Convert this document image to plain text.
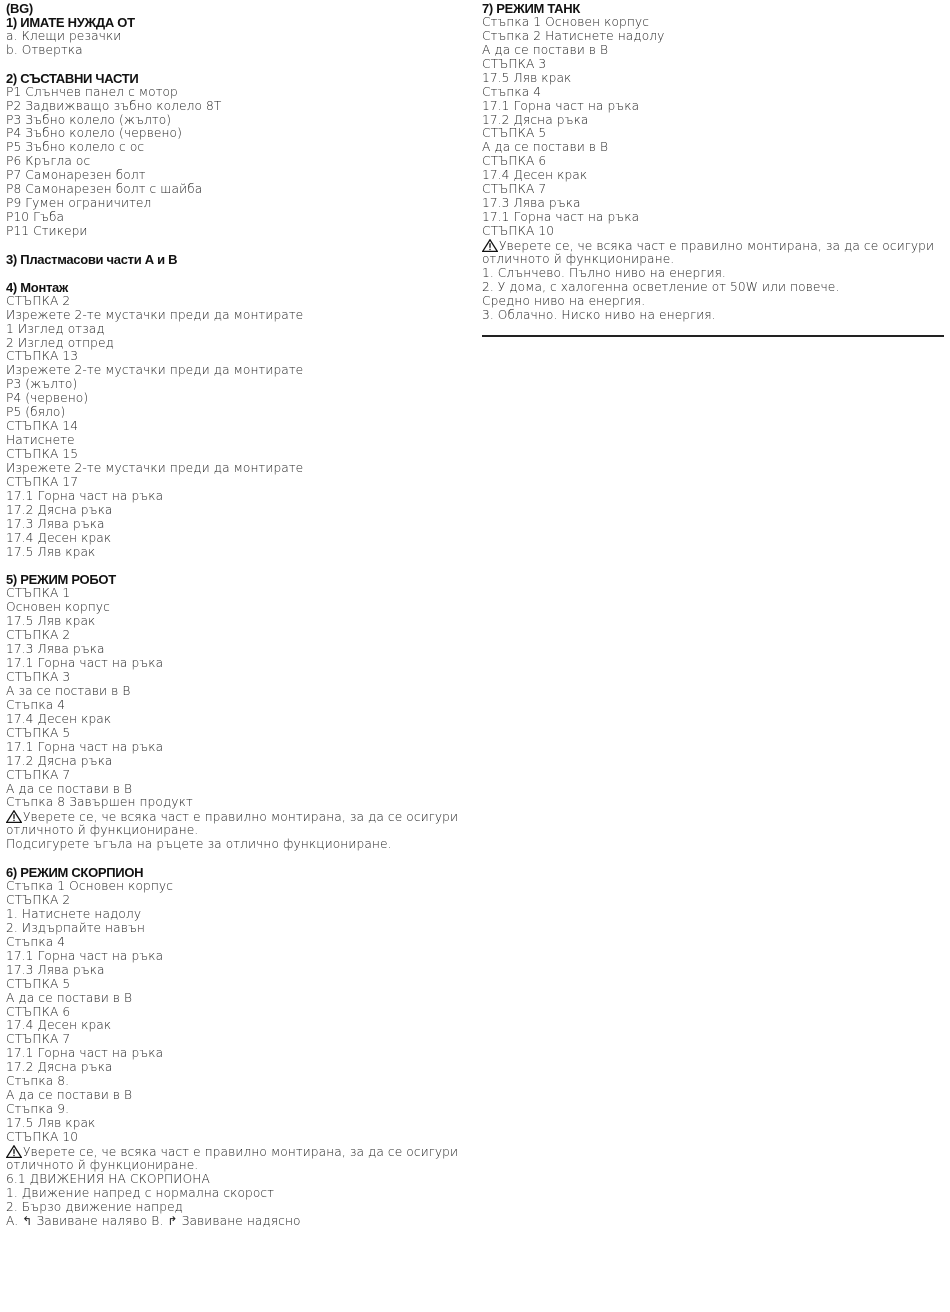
(BG)
1) ИМАТЕ НУЖДА ОТ
a. Клещи резачки
b. Отвертка
2) СЪСТАВНИ ЧАСТИ
P1 Слънчев панел с мотор
P2 Задвижващо зъбно колело 8T
P3 Зъбно колело (жълто)
P4 Зъбно колело (червено)
P5 Зъбно колело с ос
P6 Кръгла ос
P7 Самонарезен болт
P8 Самонарезен болт с шайба
P9 Гумен ограничител
P10 Гъба
P11 Стикери
3) Пластмасови части А и В
4) Монтаж
СТЪПКА 2
Изрежете 2-те мустачки преди да монтирате
1 Изглед отзад
2 Изглед отпред
СТЪПКА 13
Изрежете 2-те мустачки преди да монтирате
P3 (жълто)
P4 (червено)
P5 (бяло)
СТЪПКА 14
Натиснете
СТЪПКА 15
Изрежете 2-те мустачки преди да монтирате
СТЪПКА 17
17.1 Горна част на ръка
17.2 Дясна ръка
17.3 Лява ръка
17.4 Десен крак
17.5 Ляв крак
5) РЕЖИМ РОБОТ
СТЪПКА 1
Основен корпус
17.5 Ляв крак
СТЪПКА 2
17.3 Лява ръка
17.1 Горна част на ръка
СТЪПКА 3
A за се постави в B
Стъпка 4
17.4 Десен крак
СТЪПКА 5
17.1 Горна част на ръка
17.2 Дясна ръка
СТЪПКА 7
A да се постави в B
Стъпка 8 Завършен продукт
Уверете се, че всяка част е правилно монтирана, за да се осигури
отличното й функциониране.
Подсигурете ъгъла на ръцете за отлично функциониране.
6) РЕЖИМ СКОРПИОН
Стъпка 1 Основен корпус
СТЪПКА 2
1. Натиснете надолу
2. Издърпайте навън
Стъпка 4
17.1 Горна част на ръка
17.3 Лява ръка
СТЪПКА 5
A да се постави в B
СТЪПКА 6
17.4 Десен крак
СТЪПКА 7
17.1 Горна част на ръка
17.2 Дясна ръка
Стъпка 8.
A да се постави в B
Стъпка 9.
17.5 Ляв крак
СТЪПКА 10
Уверете се, че всяка част е правилно монтирана, за да се осигури
отличното й функциониране.
6.1 ДВИЖЕНИЯ НА СКОРПИОНА
1. Движение напред с нормална скорост
2. Бързо движение напред
A. ↰ Завиване наляво B. ↱ Завиване надясно
7) РЕЖИМ ТАНК
Стъпка 1 Основен корпус
Стъпка 2 Натиснете надолу
A да се постави в B
СТЪПКА 3
17.5 Ляв крак
Стъпка 4
17.1 Горна част на ръка
17.2 Дясна ръка
СТЪПКА 5
A да се постави в B
СТЪПКА 6
17.4 Десен крак
СТЪПКА 7
17.3 Лява ръка
17.1 Горна част на ръка
СТЪПКА 10
Уверете се, че всяка част е правилно монтирана, за да се осигури
отличното й функциониране.
1. Слънчево. Пълно ниво на енергия.
2. У дома, с халогенна осветление от 50W или повече.
Средно ниво на енергия.
3. Облачно. Ниско ниво на енергия.
